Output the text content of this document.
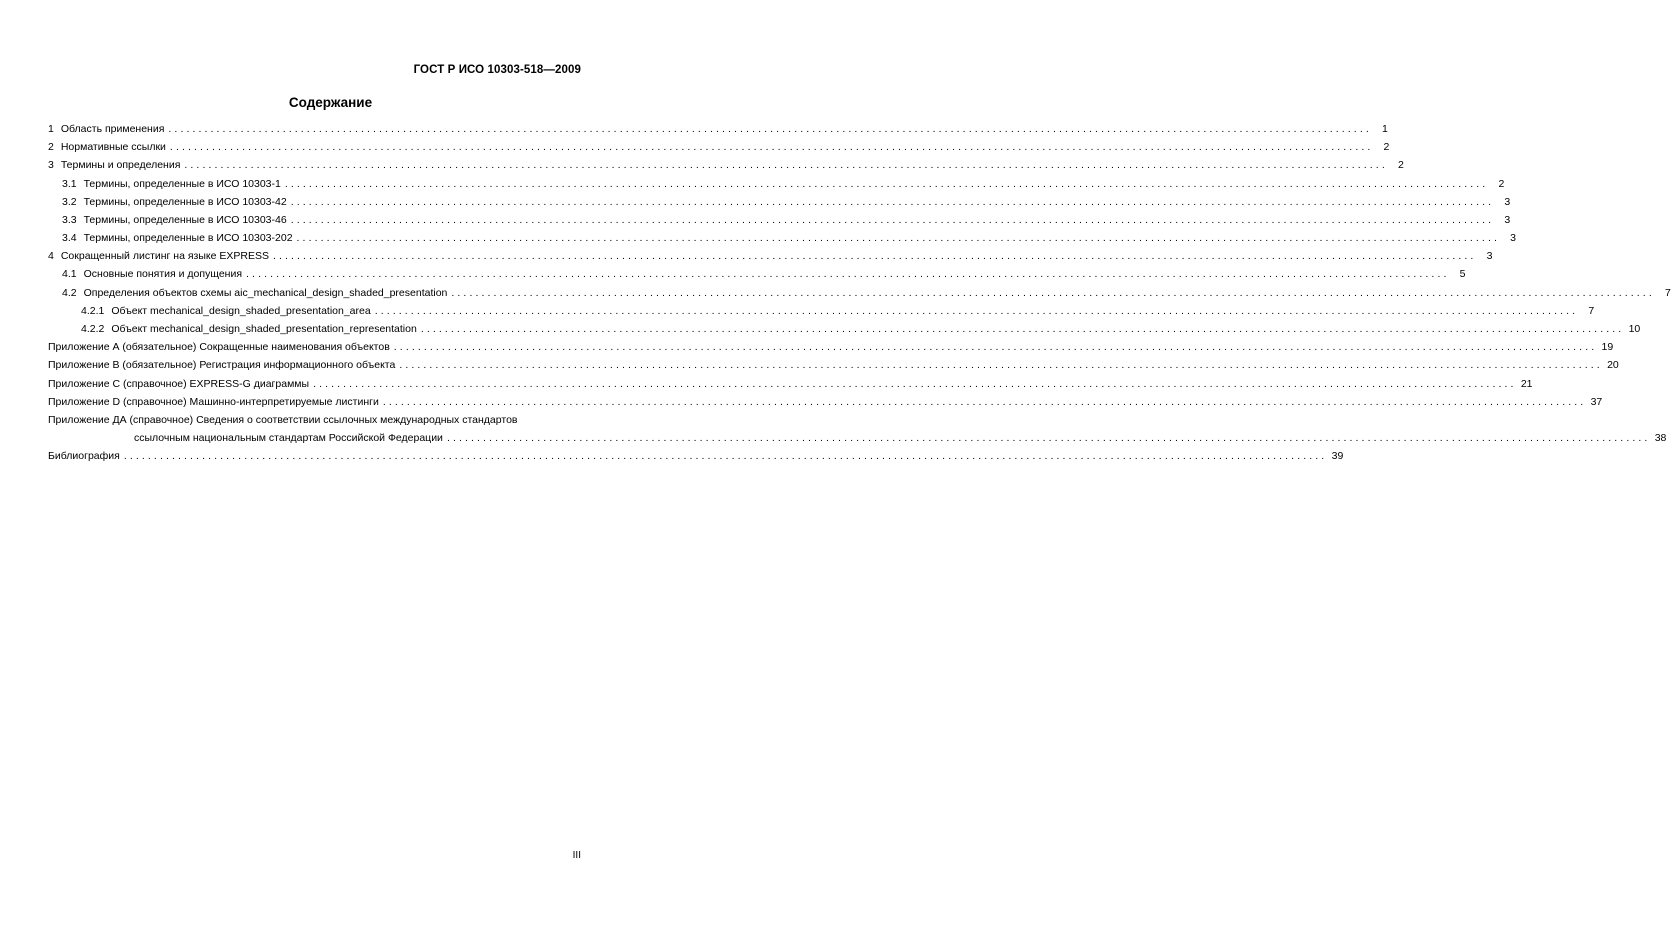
ГОСТ Р ИСО 10303-518—2009
Содержание
1 Область применения ........................................................................................................................................................................................................ 1
2 Нормативные ссылки ........................................................................................................................................................................................................ 2
3 Термины и определения ........................................................................................................................................................................................................ 2
3.1 Термины, определенные в ИСО 10303-1 ........................................................................................................................................................................................................ 2
3.2 Термины, определенные в ИСО 10303-42 ........................................................................................................................................................................................................ 3
3.3 Термины, определенные в ИСО 10303-46 ........................................................................................................................................................................................................ 3
3.4 Термины, определенные в ИСО 10303-202 ........................................................................................................................................................................................................ 3
4 Сокращенный листинг на языке EXPRESS ........................................................................................................................................................................................................ 3
4.1 Основные понятия и допущения ........................................................................................................................................................................................................ 5
4.2 Определения объектов схемы aic_mechanical_design_shaded_presentation ........................................................................................................................................................................................................ 7
4.2.1 Объект mechanical_design_shaded_presentation_area ........................................................................................................................................................................................................ 7
4.2.2 Объект mechanical_design_shaded_presentation_representation ........................................................................................................................................................................................................ 10
Приложение А (обязательное) Сокращенные наименования объектов ........................................................................................................................................................................................................ 19
Приложение B (обязательное) Регистрация информационного объекта ........................................................................................................................................................................................................ 20
Приложение C (справочное) EXPRESS-G диаграммы ........................................................................................................................................................................................................ 21
Приложение D (справочное) Машинно-интерпретируемые листинги ........................................................................................................................................................................................................ 37
Приложение ДА (справочное) Сведения о соответствии ссылочных международных стандартов
ссылочным национальным стандартам Российской Федерации ........................................................................................................................................................................................................ 38
Библиография ........................................................................................................................................................................................................ 39
III
